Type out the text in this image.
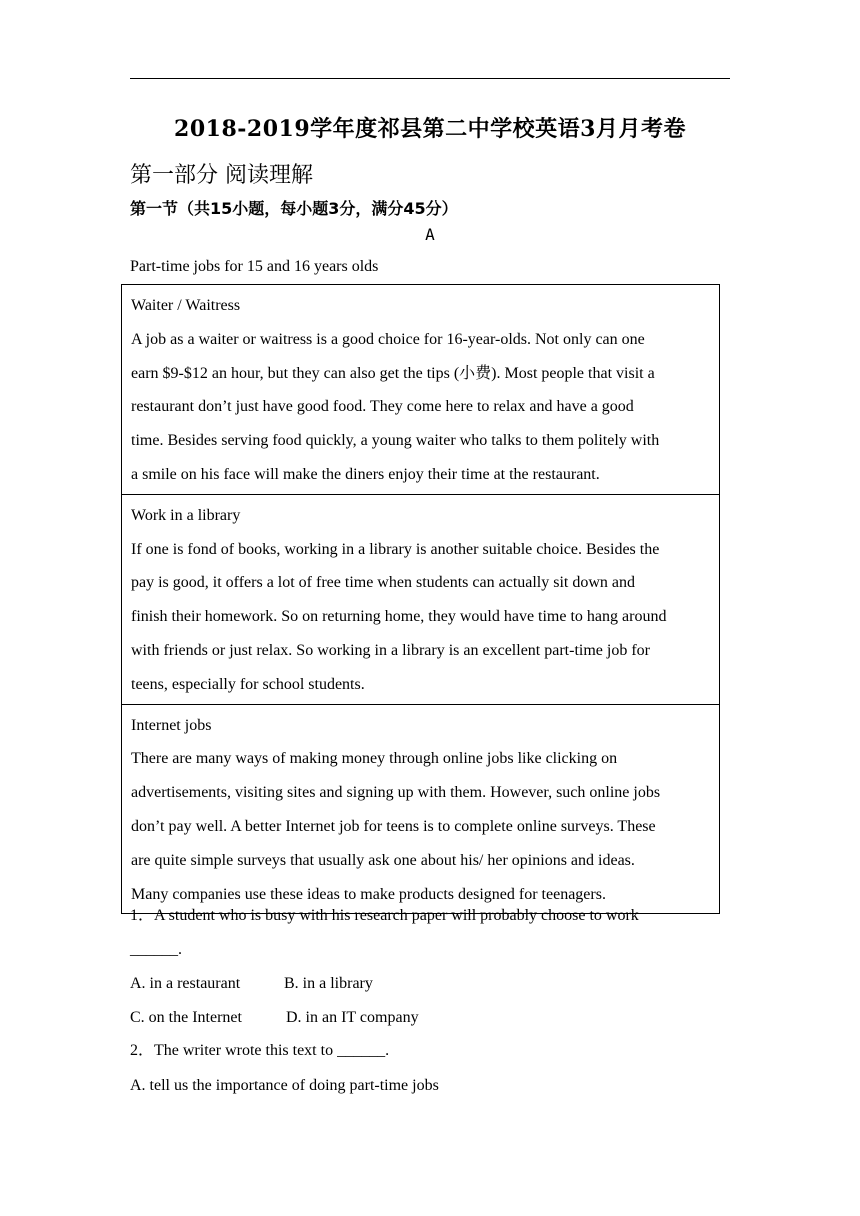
2018-2019学年度祁县第二中学校英语3月月考卷
第一部分 阅读理解
第一节（共15小题，每小题3分，满分45分）
A
Part-time jobs for 15 and 16 years olds

Waiter / Waitress

A job as a waiter or waitress is a good choice for 16-year-olds. Not only can one

earn $9-$12 an hour, but they can also get the tips (小费). Most people that visit a

restaurant don’t just have good food. They come here to relax and have a good

time. Besides serving food quickly, a young waiter who talks to them politely with

a smile on his face will make the diners enjoy their time at the restaurant.

Work in a library

If one is fond of books, working in a library is another suitable choice. Besides the

pay is good, it offers a lot of free time when students can actually sit down and

finish their homework. So on returning home, they would have time to hang around

with friends or just relax. So working in a library is an excellent part-time job for

teens, especially for school students.

Internet jobs

There are many ways of making money through online jobs like clicking on

advertisements, visiting sites and signing up with them. However, such online jobs

don’t pay well. A better Internet job for teens is to complete online surveys. These

are quite simple surveys that usually ask one about his/ her opinions and ideas.

Many companies use these ideas to make products designed for teenagers.

1．A student who is busy with his research paper will probably choose to work
______.
A. in a restaurant	B. in a library
C. on the Internet	D. in an IT company
2．The writer wrote this text to ______.
A. tell us the importance of doing part-time jobs
